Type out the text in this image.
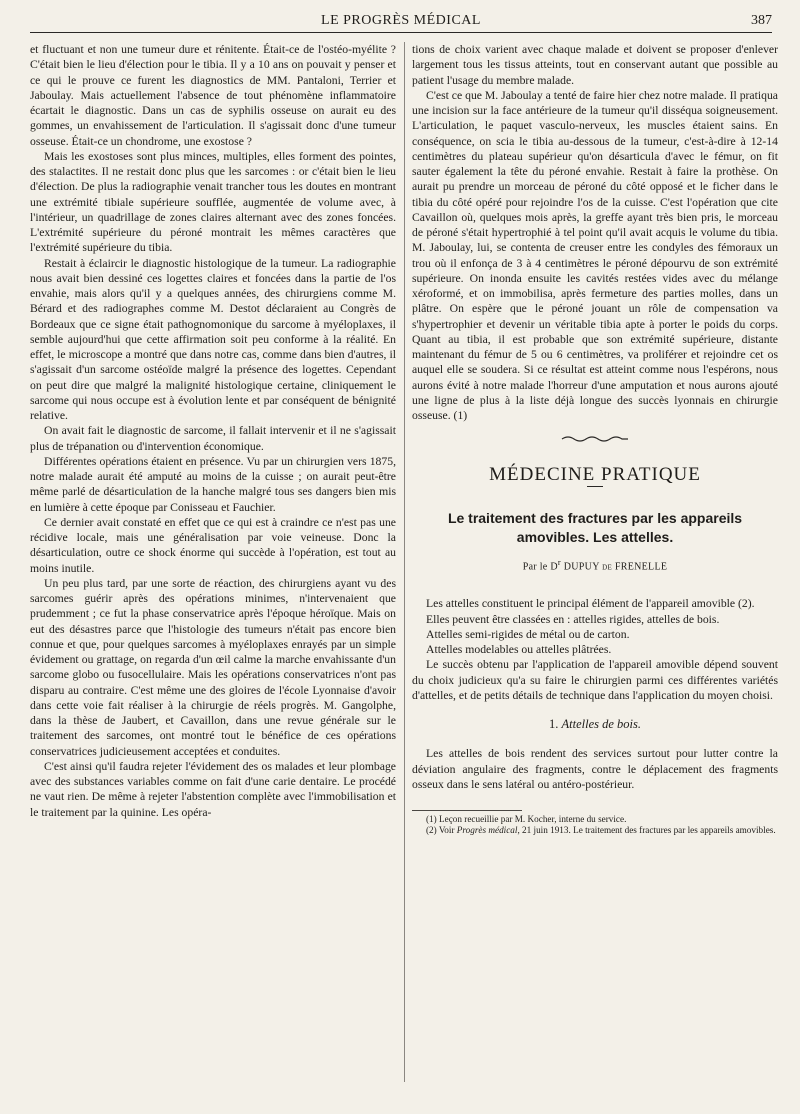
LE PROGRÈS MÉDICAL	387

et fluctuant et non une tumeur dure et rénitente. Était-ce de l'ostéo-myélite ? C'était bien le lieu d'élection pour le tibia. Il y a 10 ans on pouvait y penser et ce qui le prouve ce furent les diagnostics de MM. Pantaloni, Terrier et Jaboulay. Mais actuellement l'absence de tout phénomène inflammatoire écartait le diagnostic. Dans un cas de syphilis osseuse on aurait eu des gommes, un envahissement de l'articulation. Il s'agissait donc d'une tumeur osseuse. Était-ce un chondrome, une exostose ?

Mais les exostoses sont plus minces, multiples, elles forment des pointes, des stalactites. Il ne restait donc plus que les sarcomes : or c'était bien le lieu d'élection. De plus la radiographie venait trancher tous les doutes en montrant une extrémité tibiale supérieure soufflée, augmentée de volume avec, à l'intérieur, un quadrillage de zones claires alternant avec des zones foncées. L'extrémité supérieure du péroné montrait les mêmes caractères que l'extrémité supérieure du tibia.

Restait à éclaircir le diagnostic histologique de la tumeur. La radiographie nous avait bien dessiné ces logettes claires et foncées dans la partie de l'os envahie, mais alors qu'il y a quelques années, des chirurgiens comme M. Bérard et des radiographes comme M. Destot déclaraient au Congrès de Bordeaux que ce signe était pathognomonique du sarcome à myéloplaxes, il semble aujourd'hui que cette affirmation soit peu conforme à la réalité. En effet, le microscope a montré que dans notre cas, comme dans bien d'autres, il s'agissait d'un sarcome ostéoïde malgré la présence des logettes. Cependant on peut dire que malgré la malignité histologique certaine, cliniquement le sarcome qui nous occupe est à évolution lente et par conséquent de bénignité relative.

On avait fait le diagnostic de sarcome, il fallait intervenir et il ne s'agissait plus de trépanation ou d'intervention économique.

Différentes opérations étaient en présence. Vu par un chirurgien vers 1875, notre malade aurait été amputé au moins de la cuisse ; on aurait peut-être même parlé de désarticulation de la hanche malgré tous ses dangers bien mis en lumière à cette époque par Conisseau et Fauchier.

Ce dernier avait constaté en effet que ce qui est à craindre ce n'est pas une récidive locale, mais une généralisation par voie veineuse. Donc la désarticulation, outre ce shock énorme qui succède à l'opération, est tout au moins inutile.

Un peu plus tard, par une sorte de réaction, des chirurgiens ayant vu des sarcomes guérir après des opérations minimes, n'intervenaient que prudemment ; ce fut la phase conservatrice après l'époque héroïque. Mais on eut des désastres parce que l'histologie des tumeurs n'était pas encore bien connue et que, pour quelques sarcomes à myéloplaxes enrayés par un simple évidement ou grattage, on regarda d'un œil calme la marche envahissante d'un sarcome globo ou fusocellulaire. Mais les opérations conservatrices n'ont pas disparu au contraire. C'est même une des gloires de l'école Lyonnaise d'avoir dans cette voie fait réaliser à la chirurgie de réels progrès. M. Gangolphe, dans la thèse de Jaubert, et Cavaillon, dans une revue générale sur le traitement des sarcomes, ont montré tout le bénéfice de ces opérations conservatrices judicieusement acceptées et conduites.

C'est ainsi qu'il faudra rejeter l'évidement des os malades et leur plombage avec des substances variables comme on fait d'une carie dentaire. Le procédé ne vaut rien. De même à rejeter l'abstention complète avec l'immobilisation et le traitement par la quinine. Les opéra-

tions de choix varient avec chaque malade et doivent se proposer d'enlever largement tous les tissus atteints, tout en conservant autant que possible au patient l'usage du membre malade.

C'est ce que M. Jaboulay a tenté de faire hier chez notre malade. Il pratiqua une incision sur la face antérieure de la tumeur qu'il disséqua soigneusement. L'articulation, le paquet vasculo-nerveux, les muscles étaient sains. En conséquence, on scia le tibia au-dessous de la tumeur, c'est-à-dire à 12-14 centimètres du plateau supérieur qu'on désarticula d'avec le fémur, on fit sauter également la tête du péroné envahie. Restait à faire la prothèse. On aurait pu prendre un morceau de péroné du côté opposé et le ficher dans le tibia du côté opéré pour rejoindre l'os de la cuisse. C'est l'opération que cite Cavaillon où, quelques mois après, la greffe ayant très bien pris, le morceau de péroné s'était hypertrophié à tel point qu'il avait acquis le volume du tibia. M. Jaboulay, lui, se contenta de creuser entre les condyles des fémoraux un trou où il enfonça de 3 à 4 centimètres le péroné dépourvu de son extrémité supérieure. On inonda ensuite les cavités restées vides avec du mélange xéroformé, et on immobilisa, après fermeture des parties molles, dans un plâtre. On espère que le péroné jouant un rôle de compensation va s'hypertrophier et devenir un véritable tibia apte à porter le poids du corps. Quant au tibia, il est probable que son extrémité supérieure, distante maintenant du fémur de 5 ou 6 centimètres, va proliférer et rejoindre cet os auquel elle se soudera. Si ce résultat est atteint comme nous l'espérons, nous aurons évité à notre malade l'horreur d'une amputation et nous aurons ajouté une ligne de plus à la liste déjà longue des succès lyonnais en chirurgie osseuse. (1)

MÉDECINE PRATIQUE
Le traitement des fractures par les appareils amovibles. Les attelles.
Par le $D^r$ DUPUY de FRENELLE

Les attelles constituent le principal élément de l'appareil amovible (2).

Elles peuvent être classées en : attelles rigides, attelles de bois.

Attelles semi-rigides de métal ou de carton.

Attelles modelables ou attelles plâtrées.

Le succès obtenu par l'application de l'appareil amovible dépend souvent du choix judicieux qu'a su faire le chirurgien parmi ces différentes variétés d'attelles, et de petits détails de technique dans l'application du moyen choisi.

1. Attelles de bois.

Les attelles de bois rendent des services surtout pour lutter contre la déviation angulaire des fragments, contre le déplacement des fragments osseux dans le sens latéral ou antéro-postérieur.

(1) Leçon recueillie par M. Kocher, interne du service.

(2) Voir Progrès médical, 21 juin 1913. Le traitement des fractures par les appareils amovibles.
